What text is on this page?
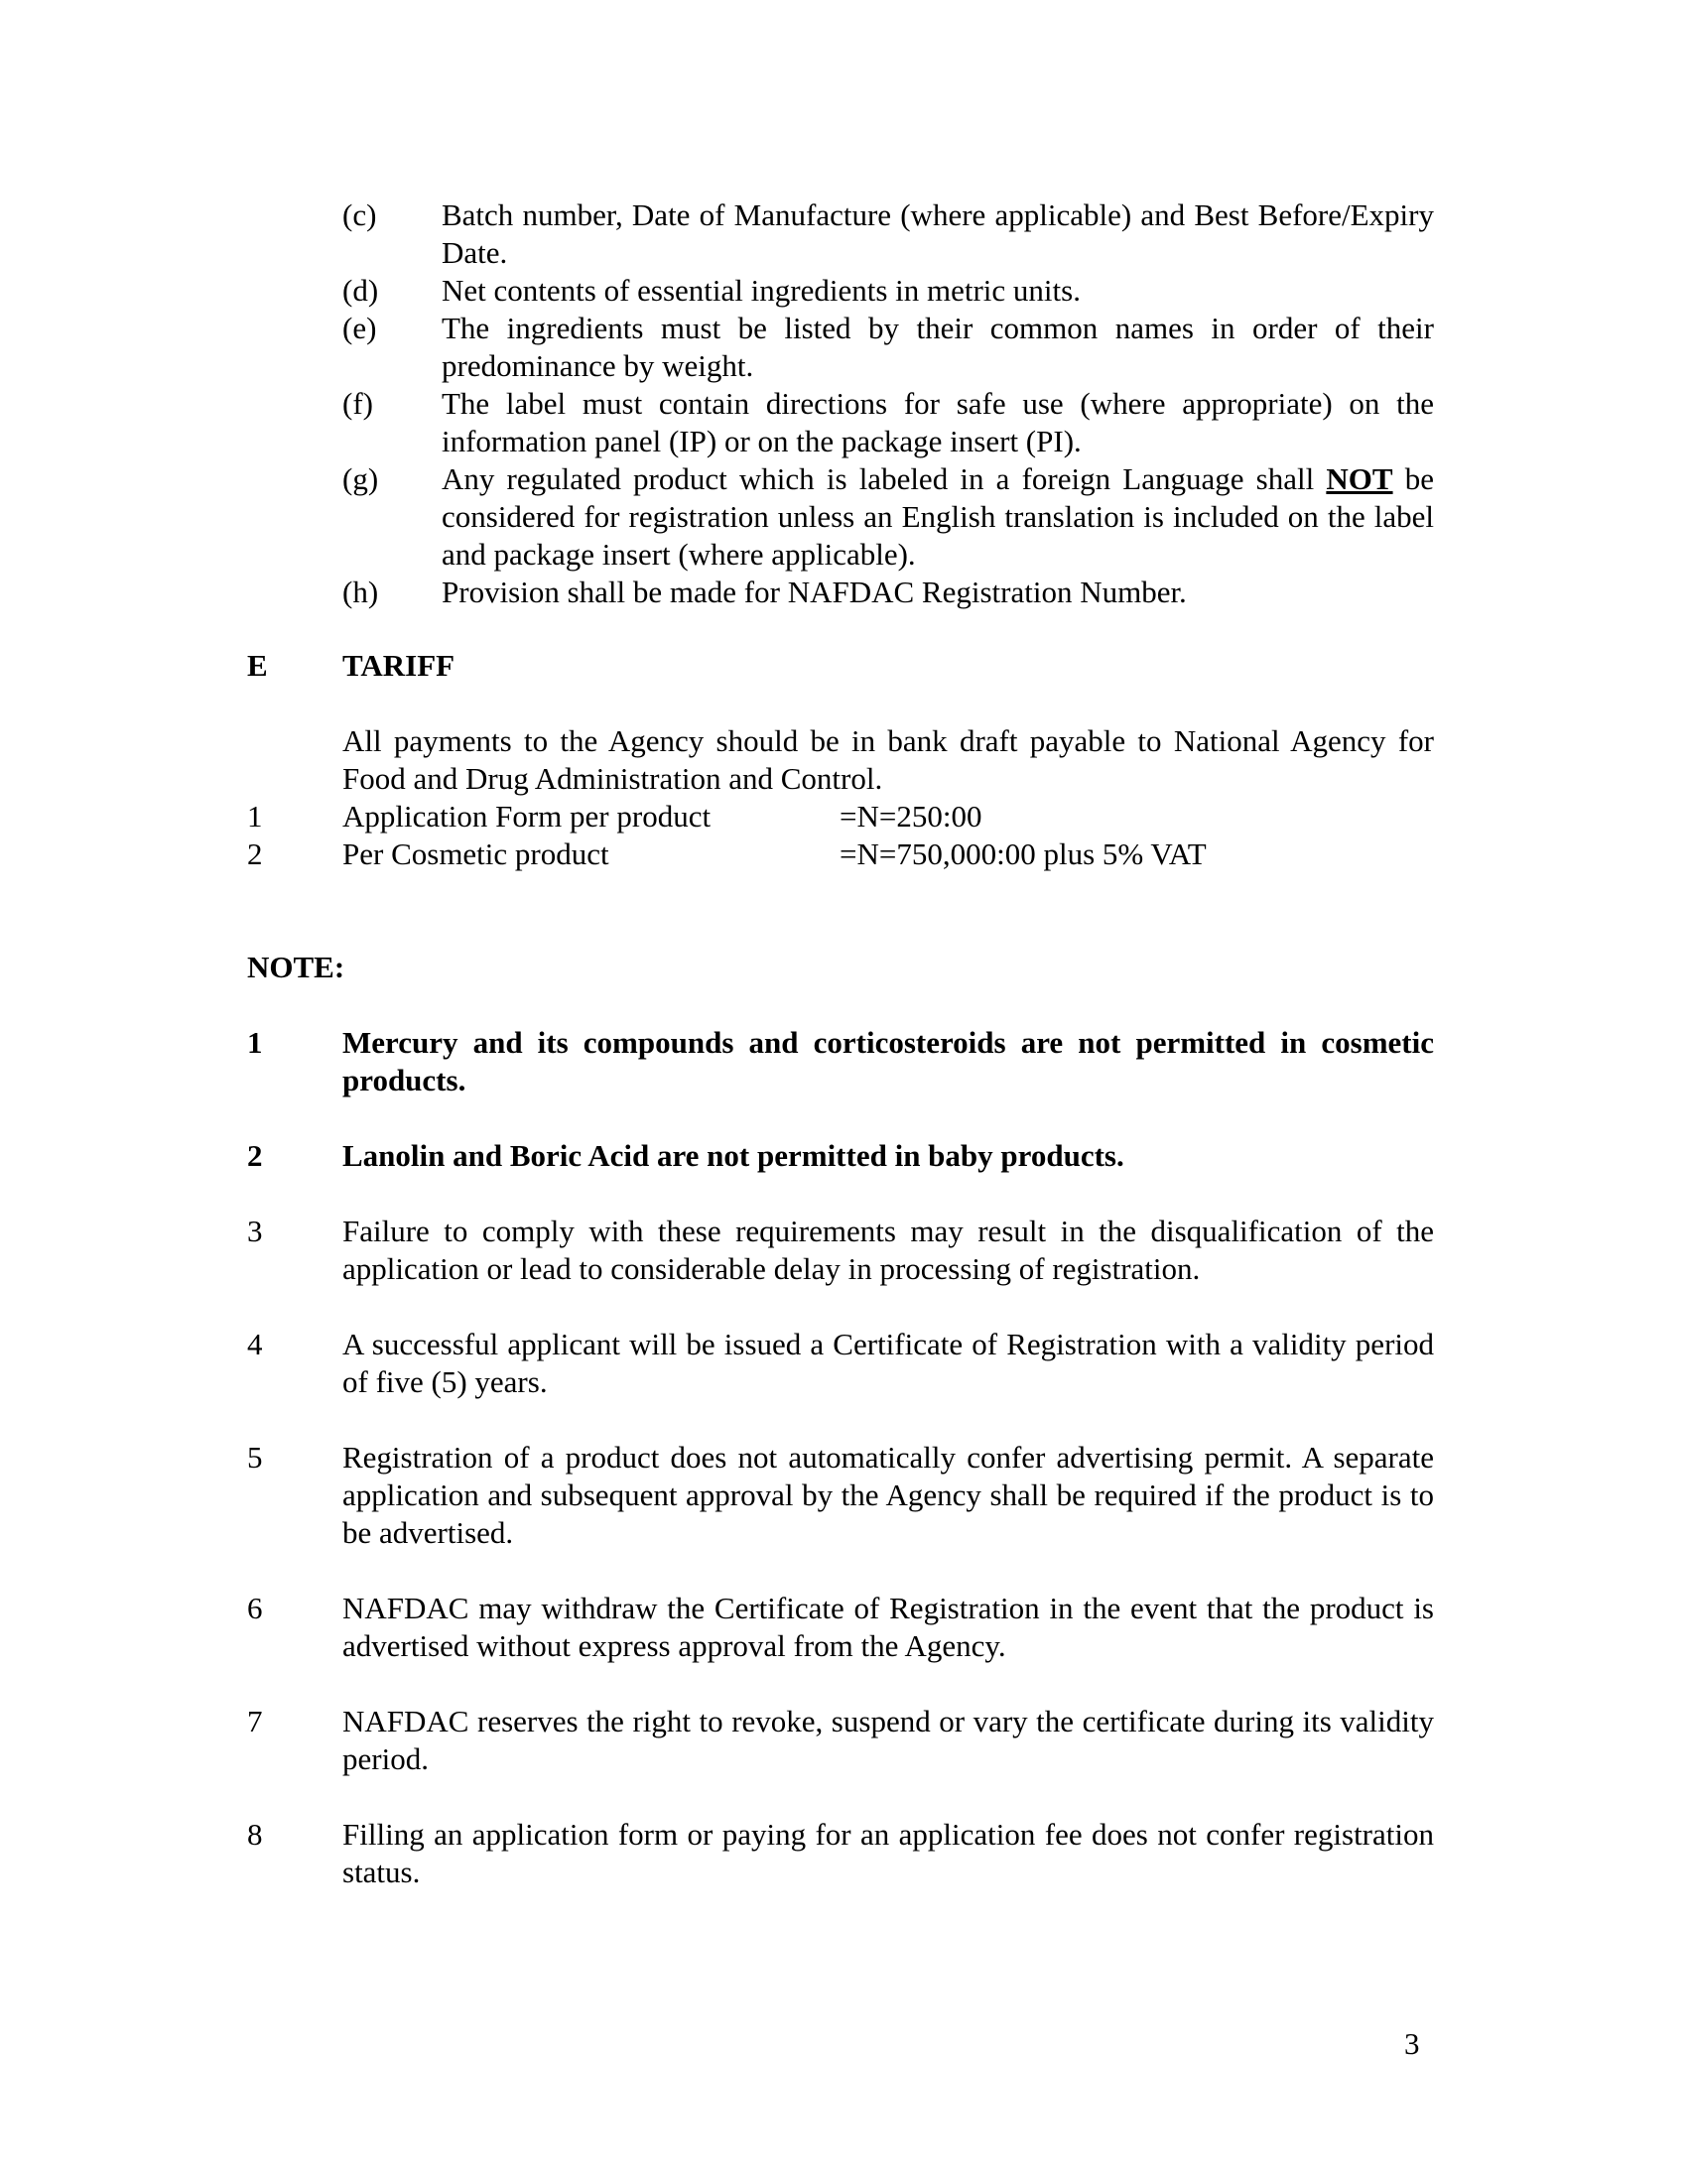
(c) Batch number, Date of Manufacture (where applicable) and Best Before/Expiry Date.
(d) Net contents of essential ingredients in metric units.
(e) The ingredients must be listed by their common names in order of their predominance by weight.
(f) The label must contain directions for safe use (where appropriate) on the information panel (IP) or on the package insert (PI).
(g) Any regulated product which is labeled in a foreign Language shall NOT be considered for registration unless an English translation is included on the label and package insert (where applicable).
(h) Provision shall be made for NAFDAC Registration Number.
E TARIFF
All payments to the Agency should be in bank draft payable to National Agency for Food and Drug Administration and Control.
1	Application Form per product	=N=250:00
2	Per Cosmetic product	=N=750,000:00 plus 5% VAT
NOTE:
1	Mercury and its compounds and corticosteroids are not permitted in cosmetic products.
2	Lanolin and Boric Acid are not permitted in baby products.
3	Failure to comply with these requirements may result in the disqualification of the application or lead to considerable delay in processing of registration.
4	A successful applicant will be issued a Certificate of Registration with a validity period of five (5) years.
5	Registration of a product does not automatically confer advertising permit. A separate application and subsequent approval by the Agency shall be required if the product is to be advertised.
6	NAFDAC may withdraw the Certificate of Registration in the event that the product is advertised without express approval from the Agency.
7	NAFDAC reserves the right to revoke, suspend or vary the certificate during its validity period.
8	Filling an application form or paying for an application fee does not confer registration status.
3
